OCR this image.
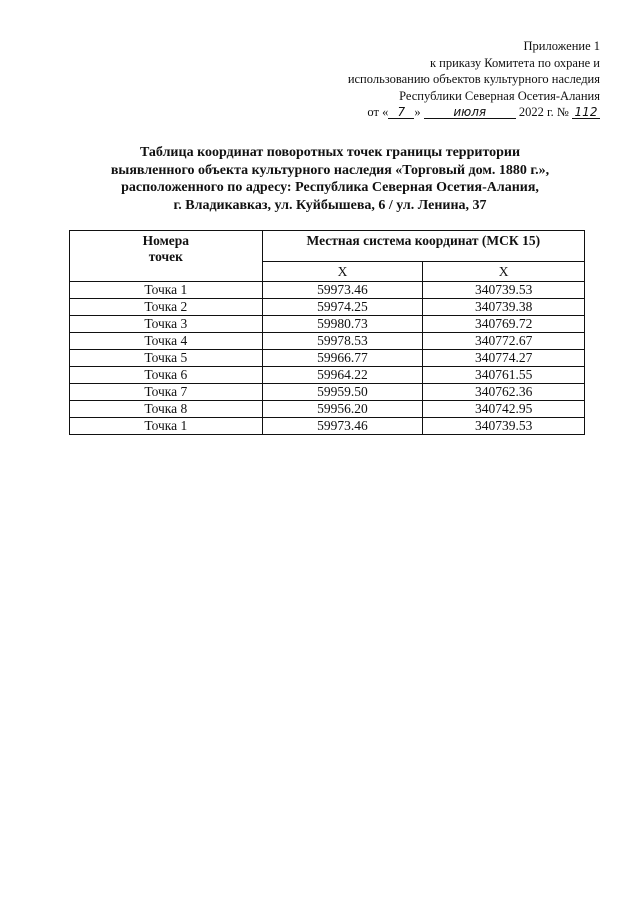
Приложение 1
к приказу Комитета по охране и
использованию объектов культурного наследия
Республики Северная Осетия-Алания
от « 7 »
	июля
	2022 г. №
112
Таблица координат поворотных точек границы территории
выявленного объекта культурного наследия «Торговый дом. 1880 г.»,
расположенного по адресу: Республика Северная Осетия-Алания,
г. Владикавказ, ул. Куйбышева, 6 / ул. Ленина, 37
Номера точек	Местная система координат (МСК 15)	
	X	X
Точка 1	59973.46	340739.53
Точка 2	59974.25	340739.38
Точка 3	59980.73	340769.72
Точка 4	59978.53	340772.67
Точка 5	59966.77	340774.27
Точка 6	59964.22	340761.55
Точка 7	59959.50	340762.36
Точка 8	59956.20	340742.95
Точка 1	59973.46	340739.53
